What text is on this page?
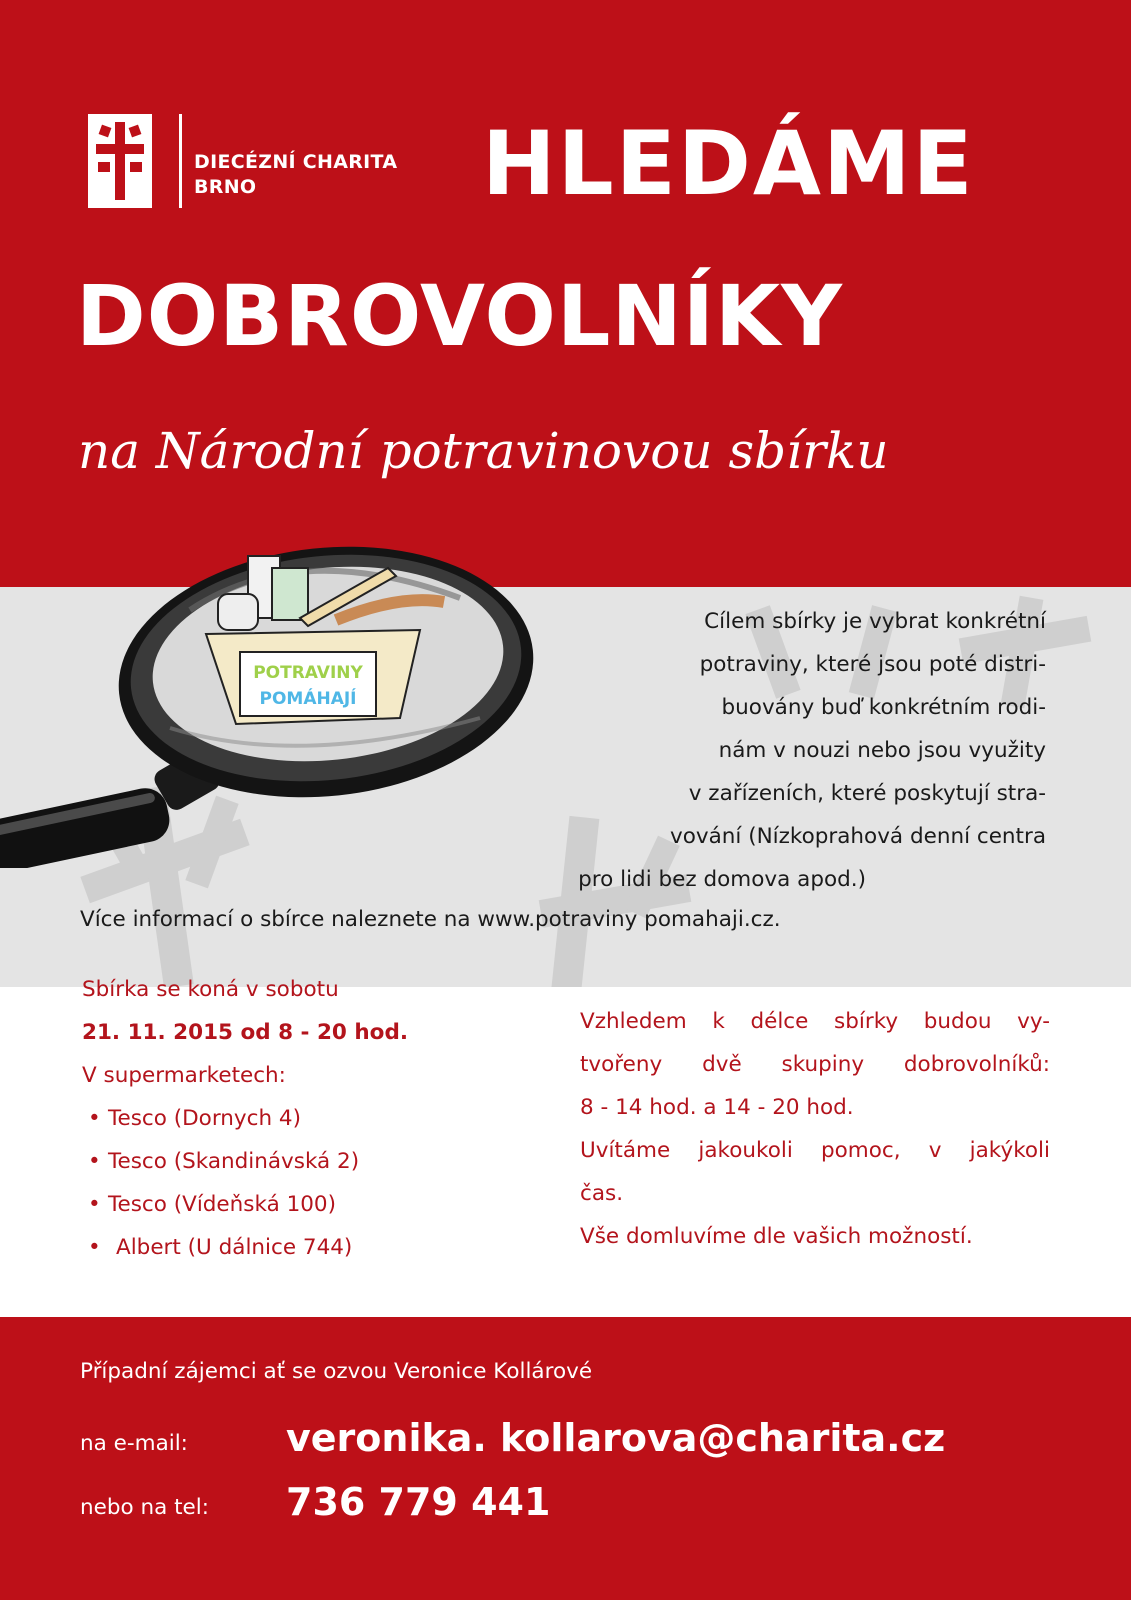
DIECÉZNÍ CHARITA
BRNO	HLEDÁME
DOBROVOLNÍKY
na Národní potravinovou sbírku
POTRAVINY
POMÁHAJÍ
Cílem sbírky je vybrat konkrétní
potraviny, které jsou poté distri-
buovány buď konkrétním rodi-
nám v nouzi nebo jsou využity
v zařízeních, které poskytují stra-
vování (Nízkoprahová denní centra
pro lidi bez domova apod.)
Více informací o sbírce naleznete na www.potraviny pomahaji.cz.
Sbírka se koná v sobotu
21. 11. 2015 od 8 - 20 hod.
V supermarketech:
• Tesco (Dornych 4)
• Tesco (Skandinávská 2)
• Tesco (Vídeňská 100)
• Albert (U dálnice 744)
Vzhledem k délce sbírky budou vy-
tvořeny dvě skupiny dobrovolníků:
8 - 14 hod. a 14 - 20 hod.
Uvítáme jakoukoli pomoc, v jakýkoli
čas.
Vše domluvíme dle vašich možností.
Případní zájemci ať se ozvou Veronice Kollárové
na e-mail:	veronika. kollarova@charita.cz
nebo na tel: 736 779 441
